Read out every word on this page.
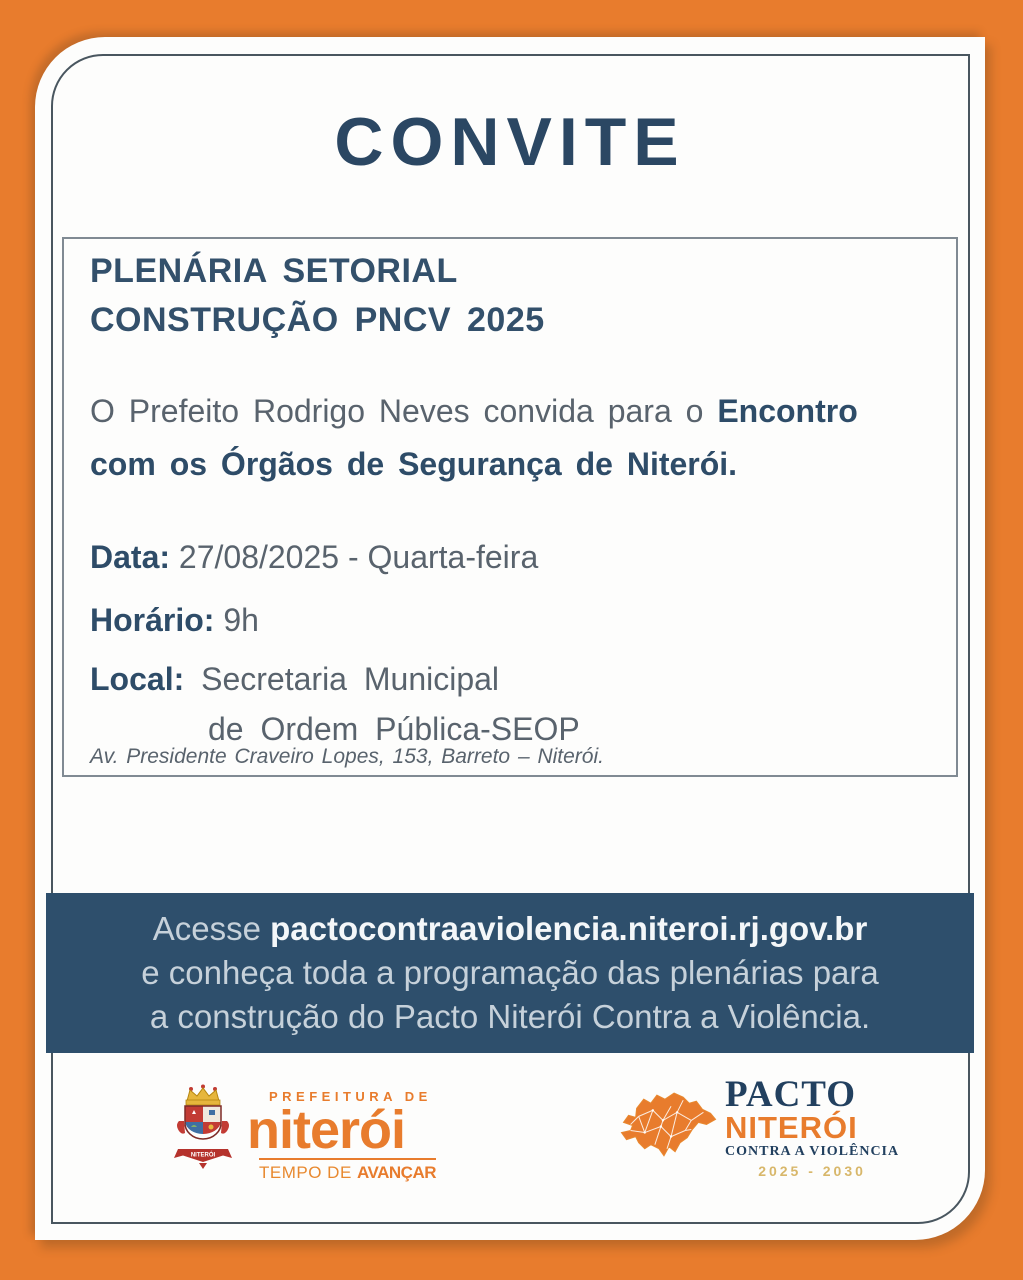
CONVITE
PLENÁRIA SETORIAL
CONSTRUÇÃO PNCV 2025
O Prefeito Rodrigo Neves convida para o Encontro
com os Órgãos de Segurança de Niterói.
Data: 27/08/2025 - Quarta-feira
Horário: 9h
Local: Secretaria Municipal
de Ordem Pública-SEOP
Av. Presidente Craveiro Lopes, 153, Barreto – Niterói.
Acesse pactocontraaviolencia.niteroi.rj.gov.br
e conheça toda a programação das plenárias para
a construção do Pacto Niterói Contra a Violência.
NITERÓI
PREFEITURA DE
niterói
TEMPO DE AVANÇAR
PACTO
NITERÓI
CONTRA A VIOLÊNCIA
2025 - 2030
